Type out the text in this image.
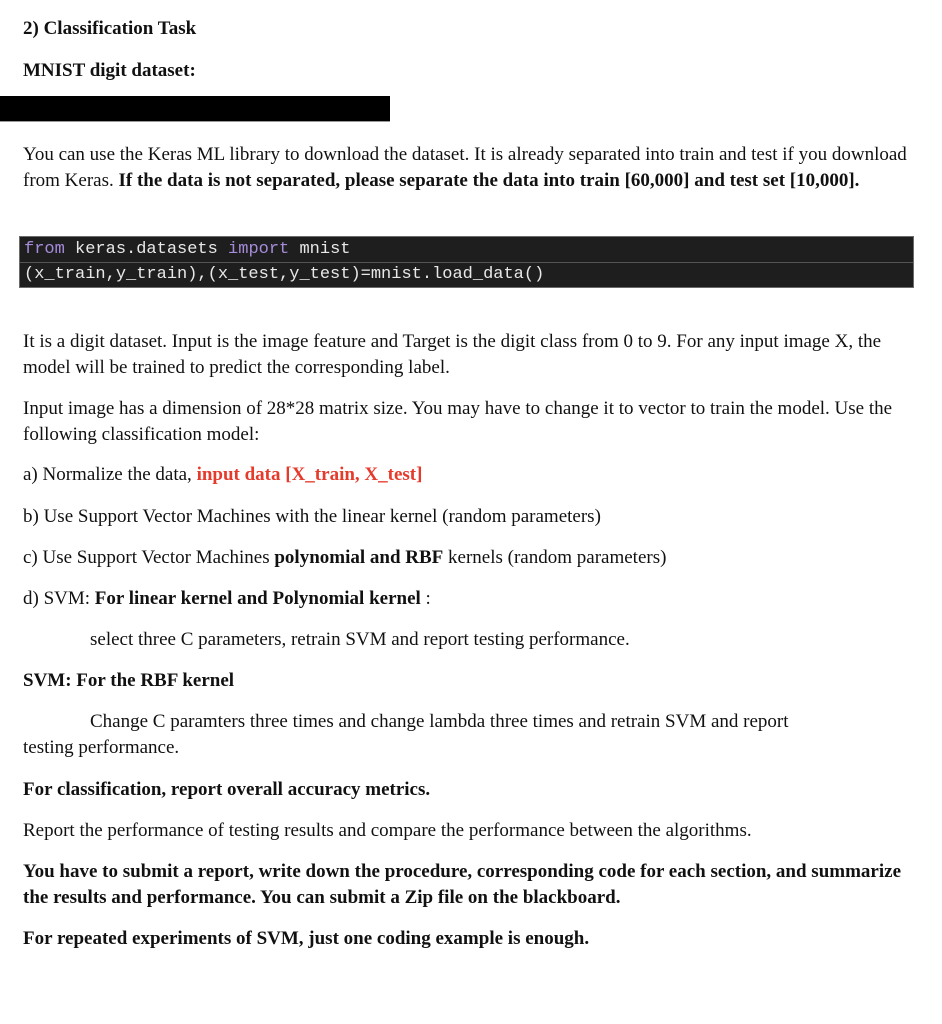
2) Classification Task
MNIST digit dataset:
You can use the Keras ML library to download the dataset. It is already separated into train and test if you download from Keras. If the data is not separated, please separate the data into train [60,000] and test set [10,000].
from keras.datasets import mnist
(x_train,y_train),(x_test,y_test)=mnist.load_data()
It is a digit dataset. Input is the image feature and Target is the digit class from 0 to 9. For any input image X, the model will be trained to predict the corresponding label.
Input image has a dimension of 28*28 matrix size. You may have to change it to vector to train the model. Use the following classification model:
a) Normalize the data, input data [X_train, X_test]
b) Use Support Vector Machines with the linear kernel (random parameters)
c) Use Support Vector Machines polynomial and RBF kernels (random parameters)
d) SVM: For linear kernel and Polynomial kernel :
select three C parameters, retrain SVM and report testing performance.
SVM: For the RBF kernel
Change C paramters three times and change lambda three times and retrain SVM and report
testing performance.
For classification, report overall accuracy metrics.
Report the performance of testing results and compare the performance between the algorithms.
You have to submit a report, write down the procedure, corresponding code for each section, and summarize the results and performance. You can submit a Zip file on the blackboard.
For repeated experiments of SVM, just one coding example is enough.
